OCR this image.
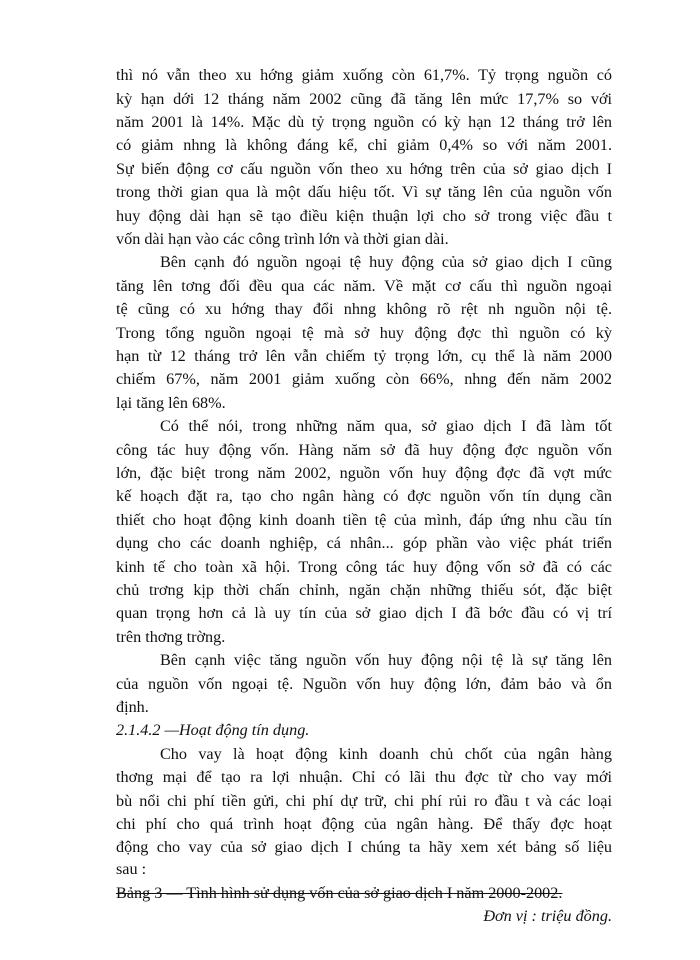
thì nó vẫn theo xu hớng giảm xuống còn 61,7%. Tỷ trọng nguồn có
kỳ hạn dới 12 tháng năm 2002 cũng đã tăng lên mức 17,7% so với
năm 2001 là 14%. Mặc dù tỷ trọng nguồn có kỳ hạn 12 tháng trở lên
có giảm nhng là không đáng kể, chỉ giảm 0,4% so với năm 2001.
Sự biến động cơ cấu nguồn vốn theo xu hớng trên của sở giao dịch I
trong thời gian qua là một dấu hiệu tốt. Vì sự tăng lên của nguồn vốn
huy động dài hạn sẽ tạo điều kiện thuận lợi cho sở trong việc đầu t
vốn dài hạn vào các công trình lớn và thời gian dài.
Bên cạnh đó nguồn ngoại tệ huy động của sở giao dịch I cũng
tăng lên tơng đối đều qua các năm. Về mặt cơ cấu thì nguồn ngoại
tệ cũng có xu hớng thay đổi nhng không rõ rệt nh nguồn nội tệ.
Trong tổng nguồn ngoại tệ mà sở huy động đợc thì nguồn có kỳ
hạn từ 12 tháng trở lên vẫn chiếm tỷ trọng lớn, cụ thể là năm 2000
chiếm 67%, năm 2001 giảm xuống còn 66%, nhng đến năm 2002
lại tăng lên 68%.
Có thể nói, trong những năm qua, sở giao dịch I đã làm tốt
công tác huy động vốn. Hàng năm sở đã huy động đợc nguồn vốn
lớn, đặc biệt trong năm 2002, nguồn vốn huy động đợc đã vợt mức
kế hoạch đặt ra, tạo cho ngân hàng có đợc nguồn vốn tín dụng cần
thiết cho hoạt động kinh doanh tiền tệ của mình, đáp ứng nhu cầu tín
dụng cho các doanh nghiệp, cá nhân... góp phần vào việc phát triển
kinh tế cho toàn xã hội. Trong công tác huy động vốn sở đã có các
chủ trơng kịp thời chấn chỉnh, ngăn chặn những thiếu sót, đặc biệt
quan trọng hơn cả là uy tín của sở giao dịch I đã bớc đầu có vị trí
trên thơng trờng.
Bên cạnh việc tăng nguồn vốn huy động nội tệ là sự tăng lên
của nguồn vốn ngoại tệ. Nguồn vốn huy động lớn, đảm bảo và ổn
định.
2.1.4.2 —Hoạt động tín dụng.
Cho vay là hoạt động kinh doanh chủ chốt của ngân hàng
thơng mại để tạo ra lợi nhuận. Chỉ có lãi thu đợc từ cho vay mới
bù nổi chi phí tiền gửi, chi phí dự trữ, chi phí rủi ro đầu t và các loại
chi phí cho quá trình hoạt động của ngân hàng. Để thấy đợc hoạt
động cho vay của sở giao dịch I chúng ta hãy xem xét bảng số liệu
sau :
Bảng 3 — Tình hình sử dụng vốn của sở giao dịch I năm 2000-2002.
Đơn vị : triệu đồng.
